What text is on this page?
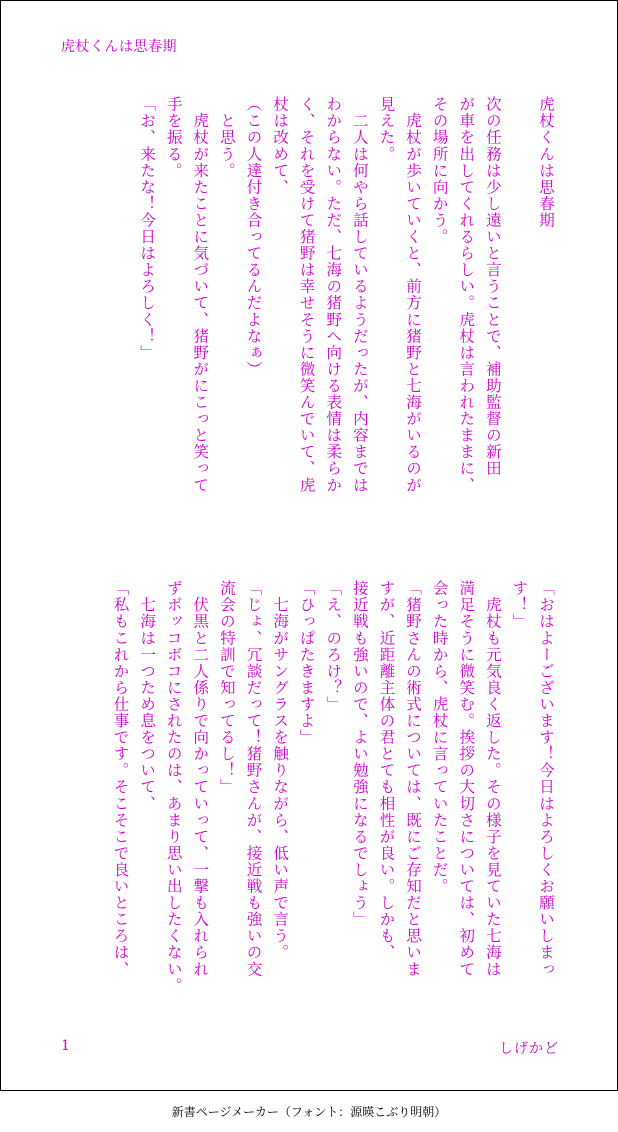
虎杖くんは思春期
虎杖くんは思春期

次の任務は少し遠いと言うことで、補助監督の新田
が車を出してくれるらしい。虎杖は言われたままに、
その場所に向かう。
　虎杖が歩いていくと、前方に猪野と七海がいるのが
見えた。
　二人は何やら話しているようだったが、内容までは
わからない。ただ、七海の猪野へ向ける表情は柔らか
く、それを受けて猪野は幸せそうに微笑んでいて、虎
杖は改めて、
（この人達付き合ってるんだよなぁ）
　と思う。
　虎杖が来たことに気づいて、猪野がにこっと笑って
手を振る。
「お、来たな！今日はよろしく！」
「おはよーございます！今日はよろしくお願いしまっ
す！」
　虎杖も元気良く返した。その様子を見ていた七海は
満足そうに微笑む。挨拶の大切さについては、初めて
会った時から、虎杖に言っていたことだ。
「猪野さんの術式については、既にご存知だと思いま
すが、近距離主体の君とても相性が良い。しかも、
接近戦も強いので、よい勉強になるでしょう」
「え、のろけ？」
「ひっぱたきますよ」
　七海がサングラスを触りながら、低い声で言う。
「じょ、冗談だって！猪野さんが、接近戦も強いの交
流会の特訓で知ってるし！」
　伏黒と二人係りで向かっていって、一撃も入れられ
ずボッコボコにされたのは、あまり思い出したくない。
　七海は一つため息をついて、
「私もこれから仕事です。そこそこで良いところは、
1	しげかど
新書ページメーカー（フォント：源暎こぶり明朝）
